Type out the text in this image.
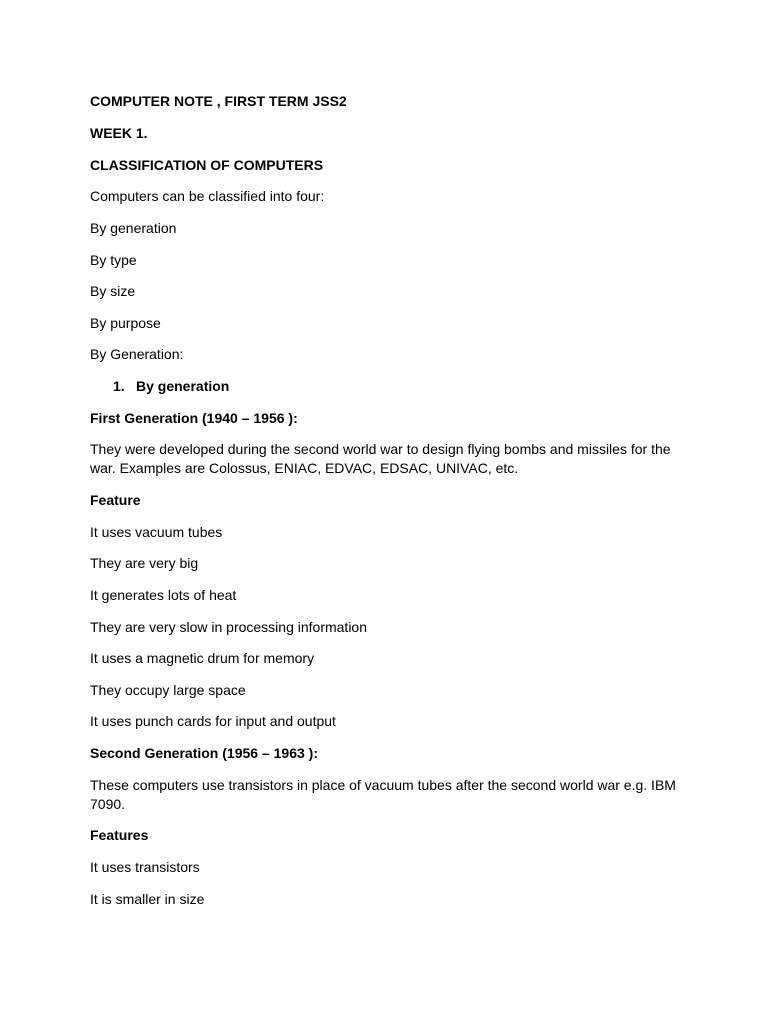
COMPUTER NOTE , FIRST TERM JSS2

WEEK 1.

CLASSIFICATION OF COMPUTERS

Computers can be classified into four:

By generation

By type

By size

By purpose

By Generation:

1. By generation

First Generation (1940 – 1956 ):

They were developed during the second world war to design flying bombs and missiles for the war. Examples are Colossus, ENIAC, EDVAC, EDSAC, UNIVAC, etc.

Feature

It uses vacuum tubes

They are very big

It generates lots of heat

They are very slow in processing information

It uses a magnetic drum for memory

They occupy large space

It uses punch cards for input and output

Second Generation (1956 – 1963 ):

These computers use transistors in place of vacuum tubes after the second world war e.g. IBM 7090.

Features

It uses transistors

It is smaller in size
